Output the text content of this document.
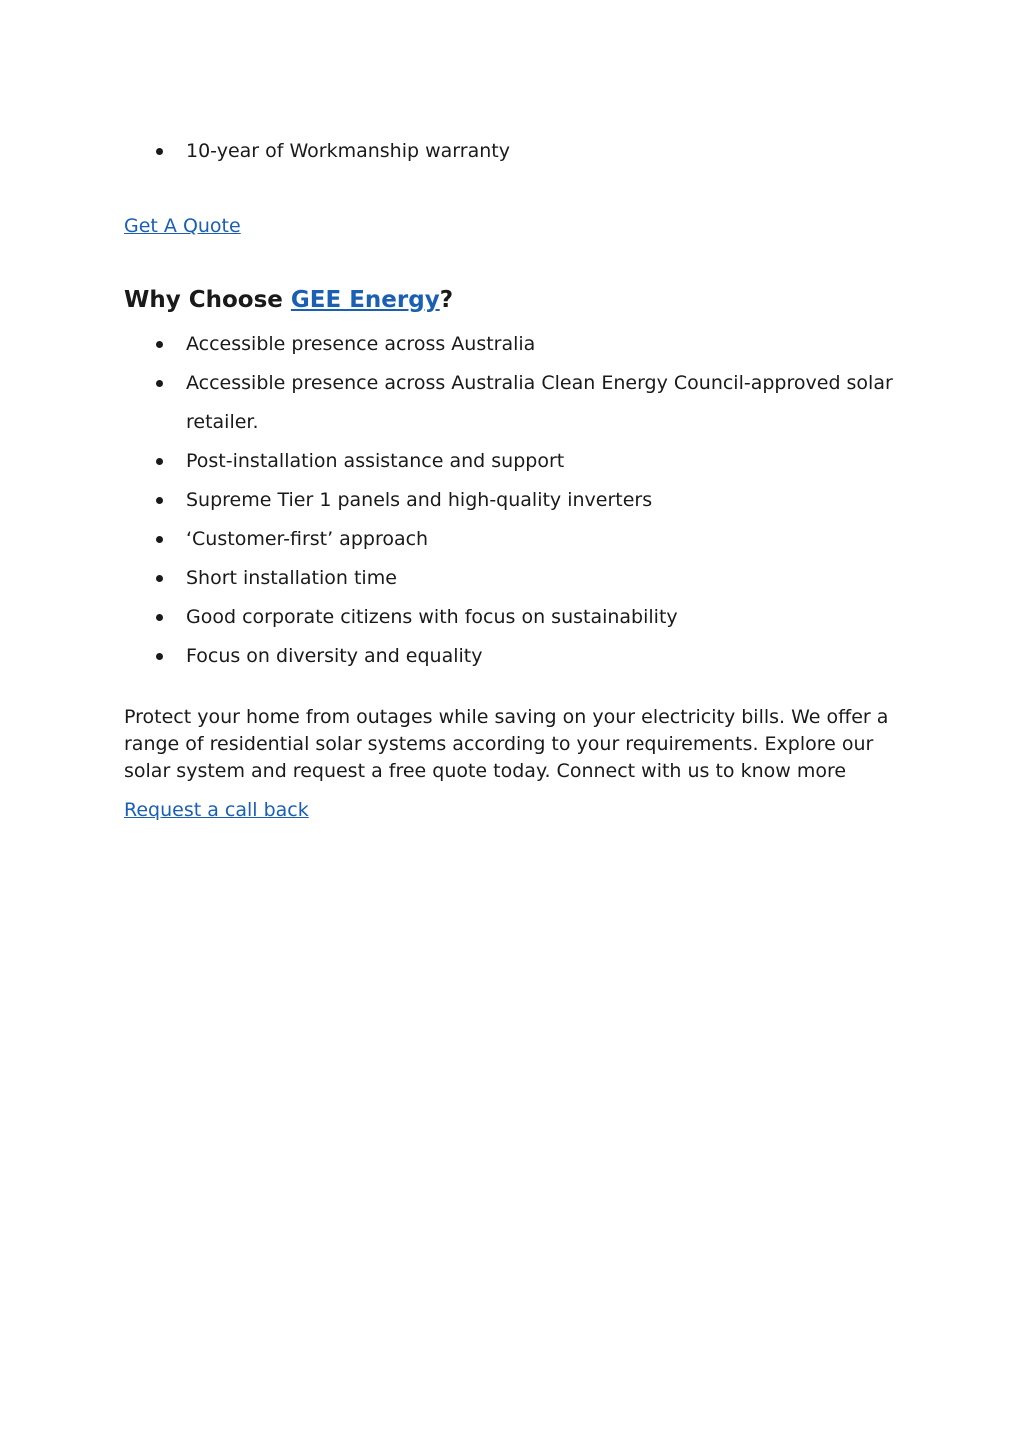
10-year of Workmanship warranty
Get A Quote
Why Choose GEE Energy?
Accessible presence across Australia
Accessible presence across Australia Clean Energy Council-approved solar retailer.
Post-installation assistance and support
Supreme Tier 1 panels and high-quality inverters
‘Customer-first’ approach
Short installation time
Good corporate citizens with focus on sustainability
Focus on diversity and equality

Protect your home from outages while saving on your electricity bills. We offer a range of residential solar systems according to your requirements. Explore our solar system and request a free quote today. Connect with us to know more

Request a call back
